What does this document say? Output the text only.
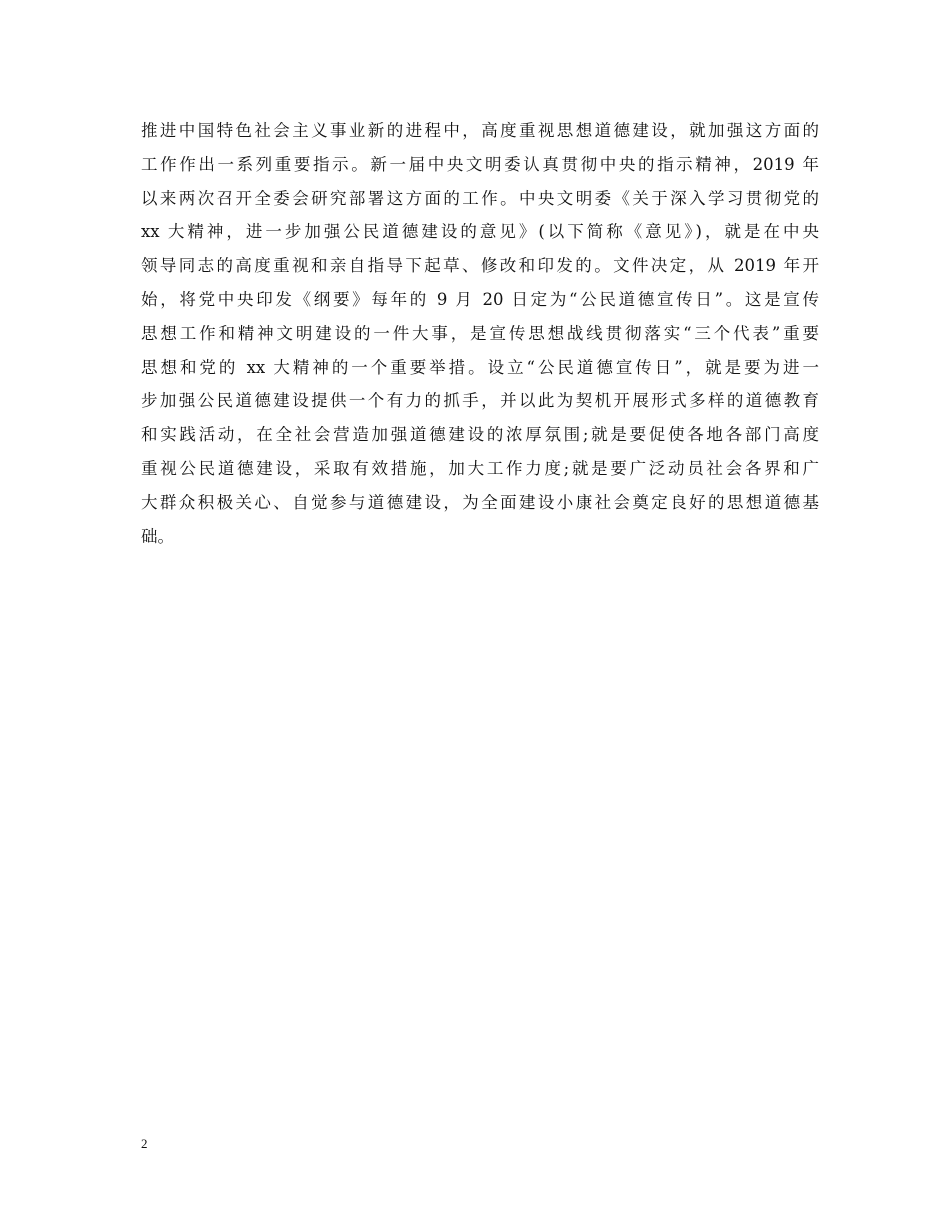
推进中国特色社会主义事业新的进程中，高度重视思想道德建设，就加强这方面的
工作作出一系列重要指示。新一届中央文明委认真贯彻中央的指示精神，2019 年
以来两次召开全委会研究部署这方面的工作。中央文明委《关于深入学习贯彻党的
xx 大精神，进一步加强公民道德建设的意见》(以下简称《意见》)，就是在中央
领导同志的高度重视和亲自指导下起草、修改和印发的。文件决定，从 2019 年开
始，将党中央印发《纲要》每年的 9 月 20 日定为“公民道德宣传日”。这是宣传
思想工作和精神文明建设的一件大事，是宣传思想战线贯彻落实“三个代表”重要
思想和党的 xx 大精神的一个重要举措。设立“公民道德宣传日”，就是要为进一
步加强公民道德建设提供一个有力的抓手，并以此为契机开展形式多样的道德教育
和实践活动，在全社会营造加强道德建设的浓厚氛围;就是要促使各地各部门高度
重视公民道德建设，采取有效措施，加大工作力度;就是要广泛动员社会各界和广
大群众积极关心、自觉参与道德建设，为全面建设小康社会奠定良好的思想道德基
础。
2
